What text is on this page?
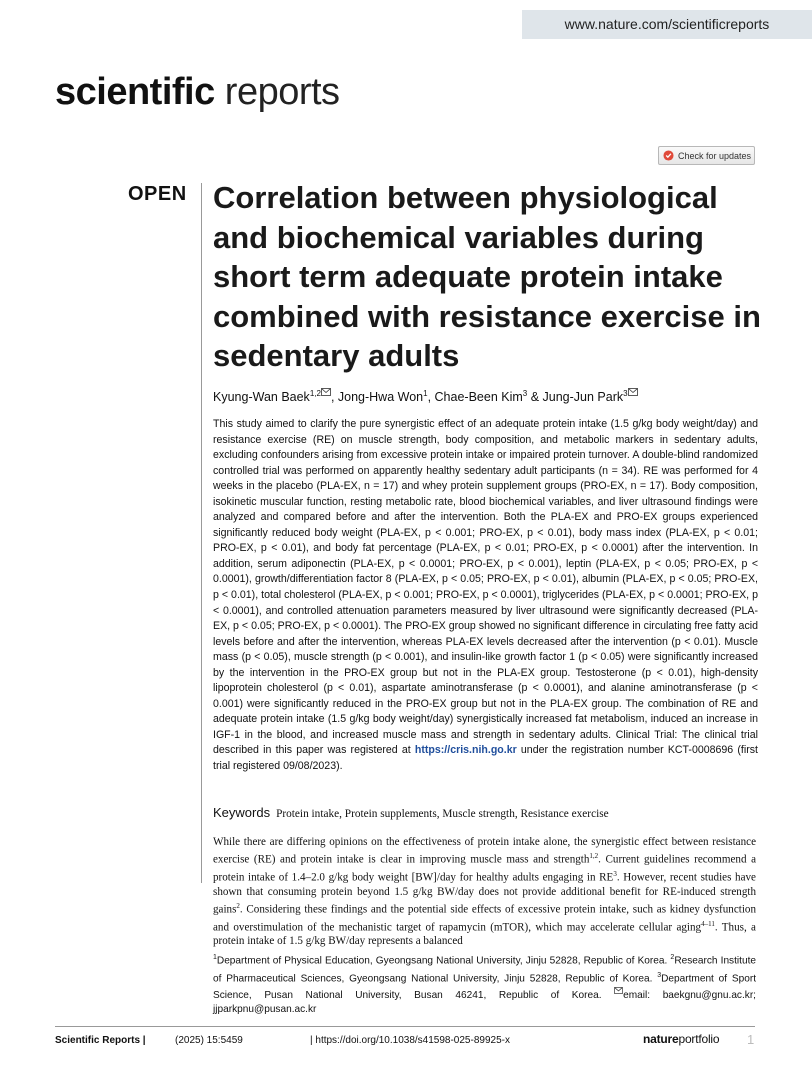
www.nature.com/scientificreports
scientific reports
Check for updates
OPEN Correlation between physiological and biochemical variables during short term adequate protein intake combined with resistance exercise in sedentary adults
Kyung-Wan Baek$^{1,2}$ , Jong-Hwa Won$^1$, Chae-Been Kim$^3$ & Jung-Jun Park$^3$

This study aimed to clarify the pure synergistic effect of an adequate protein intake (1.5 g/kg body weight/day) and resistance exercise (RE) on muscle strength, body composition, and metabolic markers in sedentary adults, excluding confounders arising from excessive protein intake or impaired protein turnover. A double-blind randomized controlled trial was performed on apparently healthy sedentary adult participants (n = 34). RE was performed for 4 weeks in the placebo (PLA-EX, n = 17) and whey protein supplement groups (PRO-EX, n = 17). Body composition, isokinetic muscular function, resting metabolic rate, blood biochemical variables, and liver ultrasound findings were analyzed and compared before and after the intervention. Both the PLA-EX and PRO-EX groups experienced significantly reduced body weight (PLA-EX, p < 0.001; PRO-EX, p < 0.01), body mass index (PLA-EX, p < 0.01; PRO-EX, p < 0.01), and body fat percentage (PLA-EX, p < 0.01; PRO-EX, p < 0.0001) after the intervention. In addition, serum adiponectin (PLA-EX, p < 0.0001; PRO-EX, p < 0.001), leptin (PLA-EX, p < 0.05; PRO-EX, p < 0.0001), growth/differentiation factor 8 (PLA-EX, p < 0.05; PRO-EX, p < 0.01), albumin (PLA-EX, p < 0.05; PRO-EX, p < 0.01), total cholesterol (PLA-EX, p < 0.001; PRO-EX, p < 0.0001), triglycerides (PLA-EX, p < 0.0001; PRO-EX, p < 0.0001), and controlled attenuation parameters measured by liver ultrasound were significantly decreased (PLA-EX, p < 0.05; PRO-EX, p < 0.0001). The PRO-EX group showed no significant difference in circulating free fatty acid levels before and after the intervention, whereas PLA-EX levels decreased after the intervention (p < 0.01). Muscle mass (p < 0.05), muscle strength (p < 0.001), and insulin-like growth factor 1 (p < 0.05) were significantly increased by the intervention in the PRO-EX group but not in the PLA-EX group. Testosterone (p < 0.01), high-density lipoprotein cholesterol (p < 0.01), aspartate aminotransferase (p < 0.0001), and alanine aminotransferase (p < 0.001) were significantly reduced in the PRO-EX group but not in the PLA-EX group. The combination of RE and adequate protein intake (1.5 g/kg body weight/day) synergistically increased fat metabolism, induced an increase in IGF-1 in the blood, and increased muscle mass and strength in sedentary adults. Clinical Trial: The clinical trial described in this paper was registered at https://cris.nih.go.kr under the registration number KCT-0008696 (first trial registered 09/08/2023).

Keywords Protein intake, Protein supplements, Muscle strength, Resistance exercise

While there are differing opinions on the effectiveness of protein intake alone, the synergistic effect between resistance exercise (RE) and protein intake is clear in improving muscle mass and strength$^{1,2}$. Current guidelines recommend a protein intake of 1.4–2.0 g/kg body weight [BW]/day for healthy adults engaging in $RE^3$. However, recent studies have shown that consuming protein beyond 1.5 g/kg BW/day does not provide additional benefit for RE-induced strength gains$^2$. Considering these findings and the potential side effects of excessive protein intake, such as kidney dysfunction and overstimulation of the mechanistic target of rapamycin (mTOR), which may accelerate cellular aging$^{4-11}$. Thus, a protein intake of 1.5 g/kg BW/day represents a balanced

$^1$Department of Physical Education, Gyeongsang National University, Jinju 52828, Republic of Korea. $^2$Research Institute of Pharmaceutical Sciences, Gyeongsang National University, Jinju 52828, Republic of Korea. $^3$Department of Sport Science, Pusan National University, Busan 46241, Republic of Korea. email: baekgnu@gnu.ac.kr; jjparkpnu@pusan.ac.kr

Scientific Reports |	(2025) 15:5459	| https://doi.org/10.1038/s41598-025-89925-x	natureportfolio 1
